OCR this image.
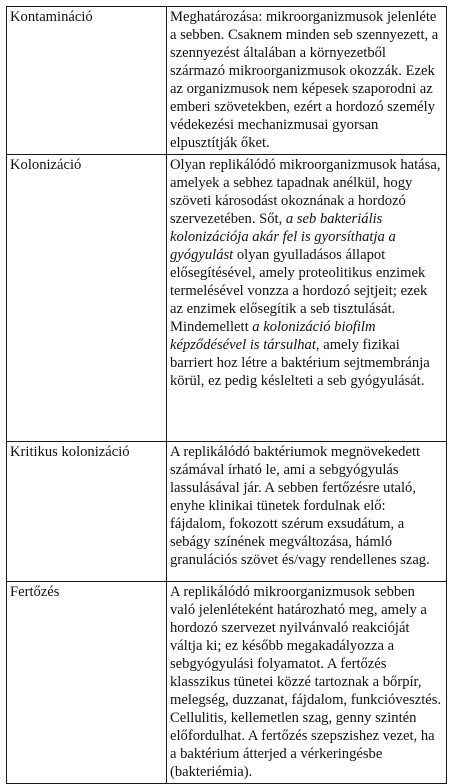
Kontamináció	Meghatározása: mikroorganizmusok jelenléte a sebben. Csaknem minden seb szennyezett, a szennyezést általában a környezetből származó mikroorganizmusok okozzák. Ezek az organizmusok nem képesek szaporodni az emberi szövetekben, ezért a hordozó személy védekezési mechanizmusai gyorsan elpusztítják őket.
Kolonizáció	Olyan replikálódó mikroorganizmusok hatása, amelyek a sebhez tapadnak anélkül, hogy szöveti károsodást okoznának a hordozó szervezetében. Sőt, a seb bakteriális kolonizációja akár fel is gyorsíthatja a gyógyulást olyan gyulladásos állapot elősegítésével, amely proteolitikus enzimek termelésével vonzza a hordozó sejtjeit; ezek az enzimek elősegítik a seb tisztulását. Mindemellett a kolonizáció biofilm képződésével is társulhat, amely fizikai barriert hoz létre a baktérium sejtmembránja körül, ez pedig késlelteti a seb gyógyulását.
Kritikus kolonizáció	A replikálódó baktériumok megnövekedett számával írható le, ami a sebgyógyulás lassulásával jár. A sebben fertőzésre utaló, enyhe klinikai tünetek fordulnak elő: fájdalom, fokozott szérum exsudátum, a sebágy színének megváltozása, hámló granulációs szövet és/vagy rendellenes szag.
Fertőzés	A replikálódó mikroorganizmusok sebben való jelenléteként határozható meg, amely a hordozó szervezet nyilvánvaló reakcióját váltja ki; ez később megakadályozza a sebgyógyulási folyamatot. A fertőzés klasszikus tünetei közzé tartoznak a bőrpír, melegség, duzzanat, fájdalom, funkcióvesztés. Cellulitis, kellemetlen szag, genny szintén előfordulhat. A fertőzés szepszishez vezet, ha a baktérium átterjed a vérkeringésbe (bakteriémia).
